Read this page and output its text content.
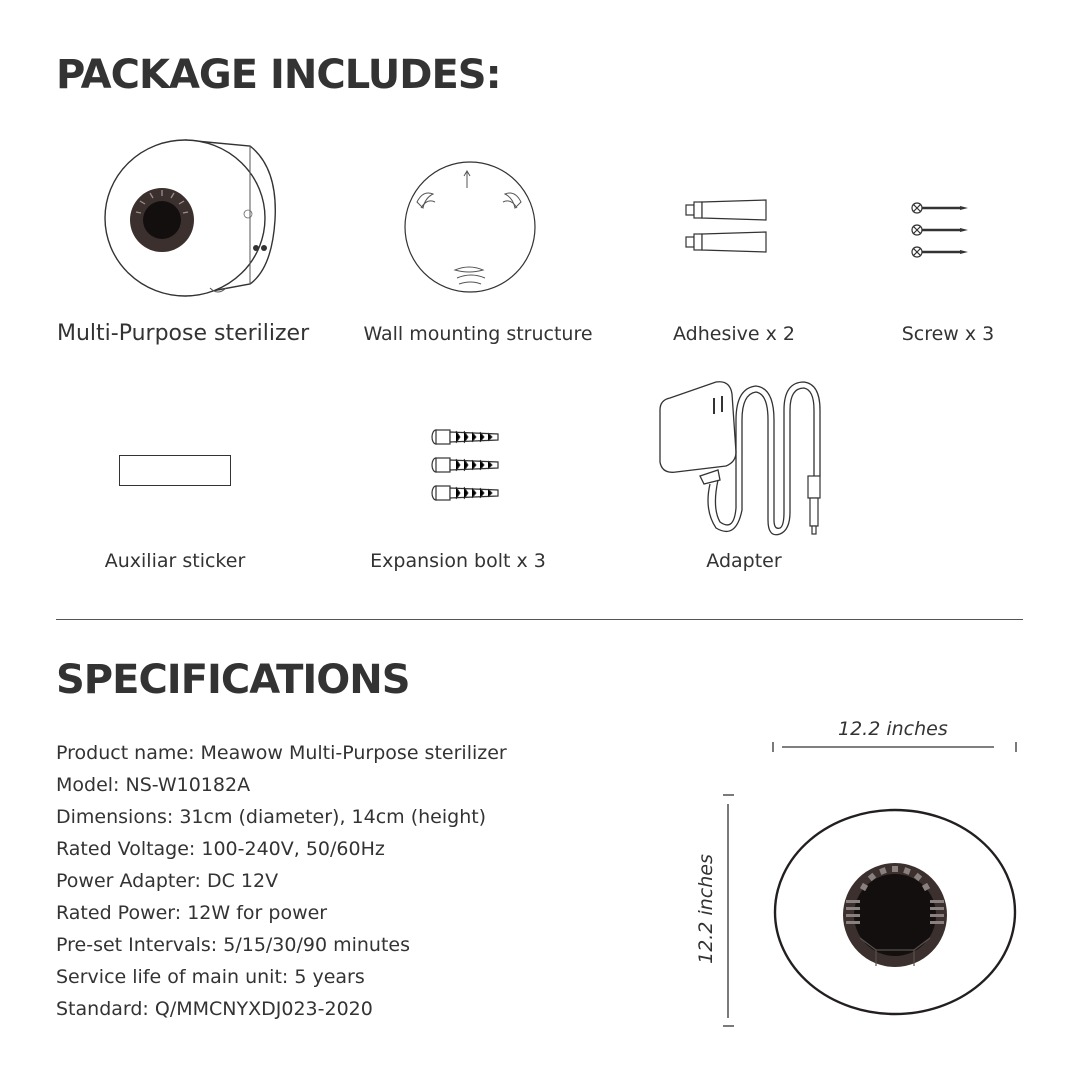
PACKAGE INCLUDES:
Multi-Purpose sterilizer	Wall mounting structure	Adhesive x 2	Screw x 3
Auxiliar sticker	Expansion bolt x 3	Adapter
SPECIFICATIONS
Product name: Meawow Multi-Purpose sterilizer
Model: NS-W10182A
Dimensions: 31cm (diameter), 14cm (height)
Rated Voltage: 100-240V, 50/60Hz
Power Adapter: DC 12V
Rated Power: 12W for power
Pre-set Intervals: 5/15/30/90 minutes
Service life of main unit: 5 years
Standard: Q/MMCNYXDJ023-2020
12.2 inches
12.2 inches
